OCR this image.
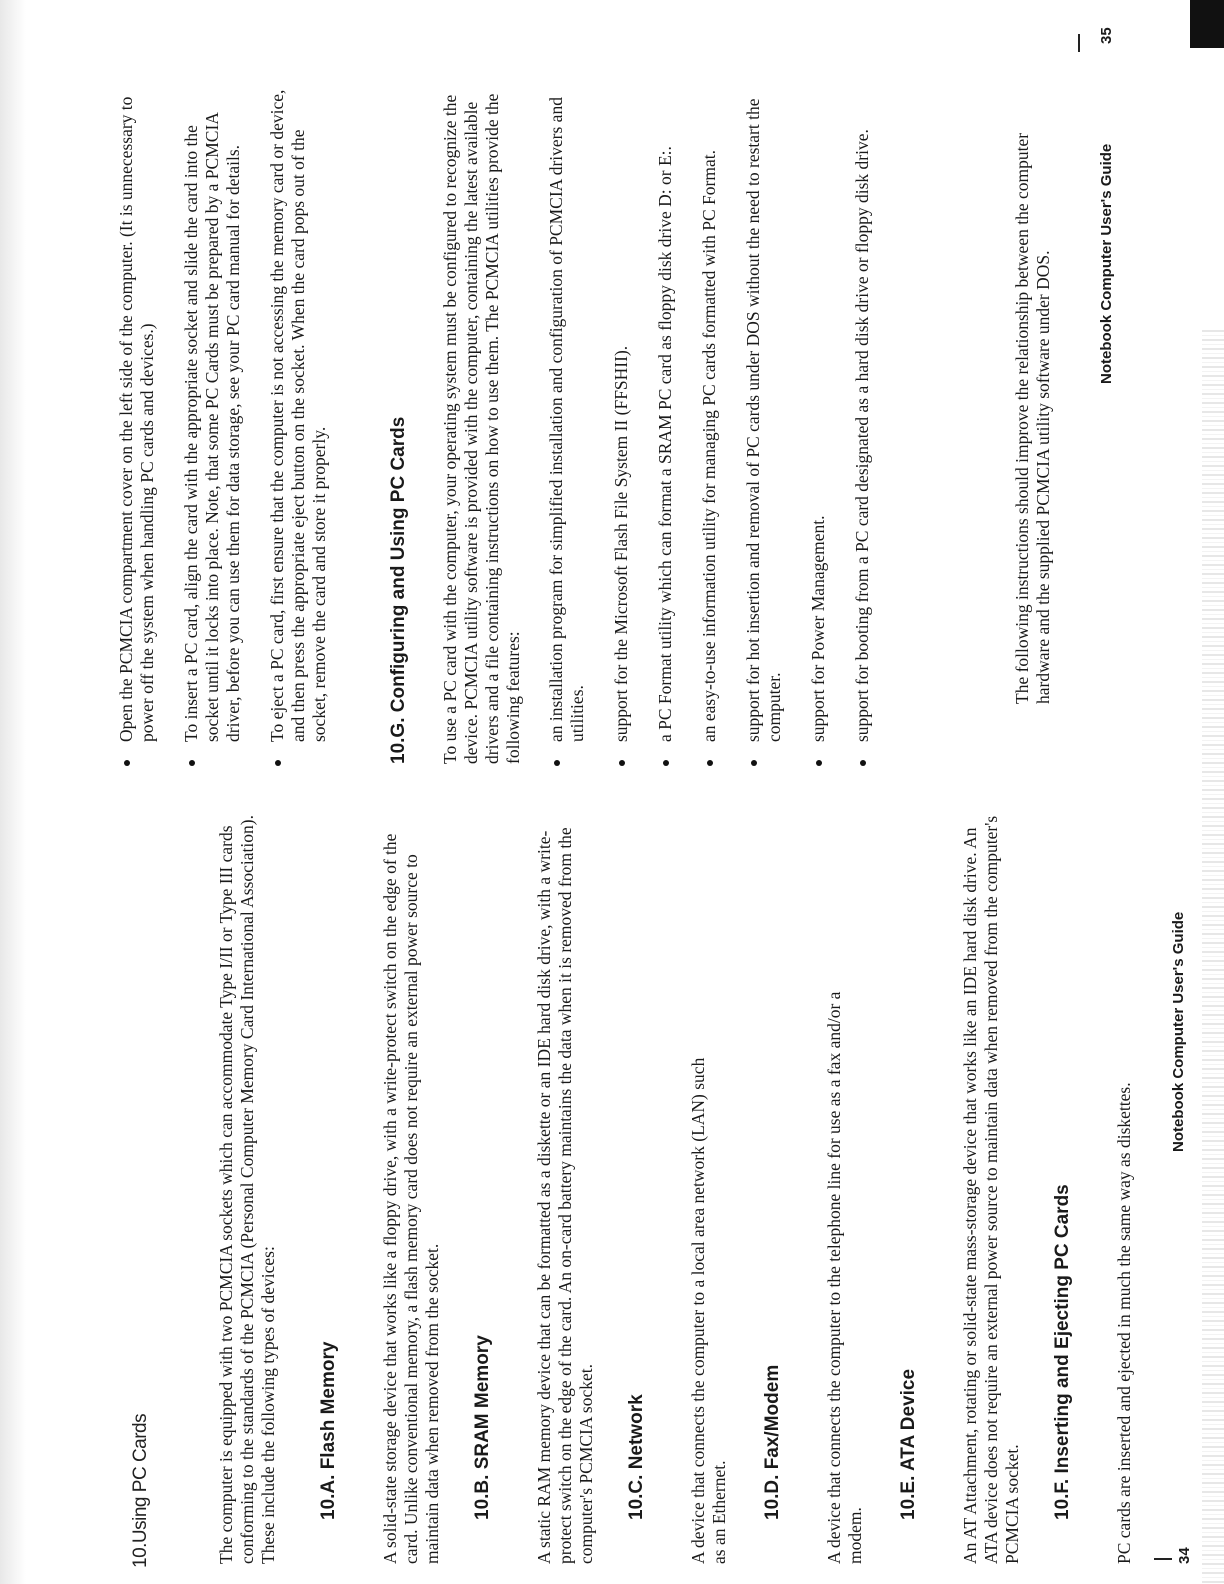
10.Using PC Cards	The computer is equipped with two PCMCIA sockets which can accommodate Type I/II or Type III cards conforming to the standards of the PCMCIA (Personal Computer Memory Card International Association). These include the following types of devices: 10.A. Flash Memory A solid-state storage device that works like a floppy drive, with a write-protect switch on the edge of the card. Unlike conventional memory, a flash memory card does not require an external power source to maintain data when removed from the socket. 10.B. SRAM Memory A static RAM memory device that can be formatted as a diskette or an IDE hard disk drive, with a write-protect switch on the edge of the card. An on-card battery maintains the data when it is removed from the computer's PCMCIA socket. 10.C. Network A device that connects the computer to a local area network (LAN) such as an Ethernet. 10.D. Fax/Modem A device that connects the computer to the telephone line for use as a fax and/or a modem.

10.E. ATA Device An AT Attachment, rotating or solid-state mass-storage device that works like an IDE hard disk drive. An ATA device does not require an external power source to maintain data when removed from the computer's PCMCIA socket. 10.F. Inserting and Ejecting PC Cards PC cards are inserted and ejected in much the same way as diskettes.	34
Notebook Computer User's Guide
Open the PCMCIA compartment cover on the left side of the computer. (It is unnecessary to power off the system when handling PC cards and devices.) To insert a PC card, align the card with the appropriate socket and slide the card into the socket until it locks into place. Note, that some PC Cards must be prepared by a PCMCIA driver, before you can use them for data storage, see your PC card manual for details. To eject a PC card, first ensure that the computer is not accessing the memory card or device, and then press the appropriate eject button on the socket. When the card pops out of the socket, remove the card and store it properly.	10.G. Configuring and Using PC Cards To use a PC card with the computer, your operating system must be configured to recognize the device. PCMCIA utility software is provided with the computer, containing the latest available drivers and a file containing instructions on how to use them. The PCMCIA utilities provide the following features: an installation program for simplified installation and configuration of PCMCIA drivers and utilities. support for the Microsoft Flash File System II (FFSHII). a PC Format utility which can format a SRAM PC card as floppy disk drive D: or E:. an easy-to-use information utility for managing PC cards formatted with PC Format. support for hot insertion and removal of PC cards under DOS without the need to restart the computer. support for Power Management. support for booting from a PC card designated as a hard disk drive or floppy disk drive.	The following instructions should improve the relationship between the computer hardware and the supplied PCMCIA utility software under DOS.	Notebook Computer User's Guide
35
